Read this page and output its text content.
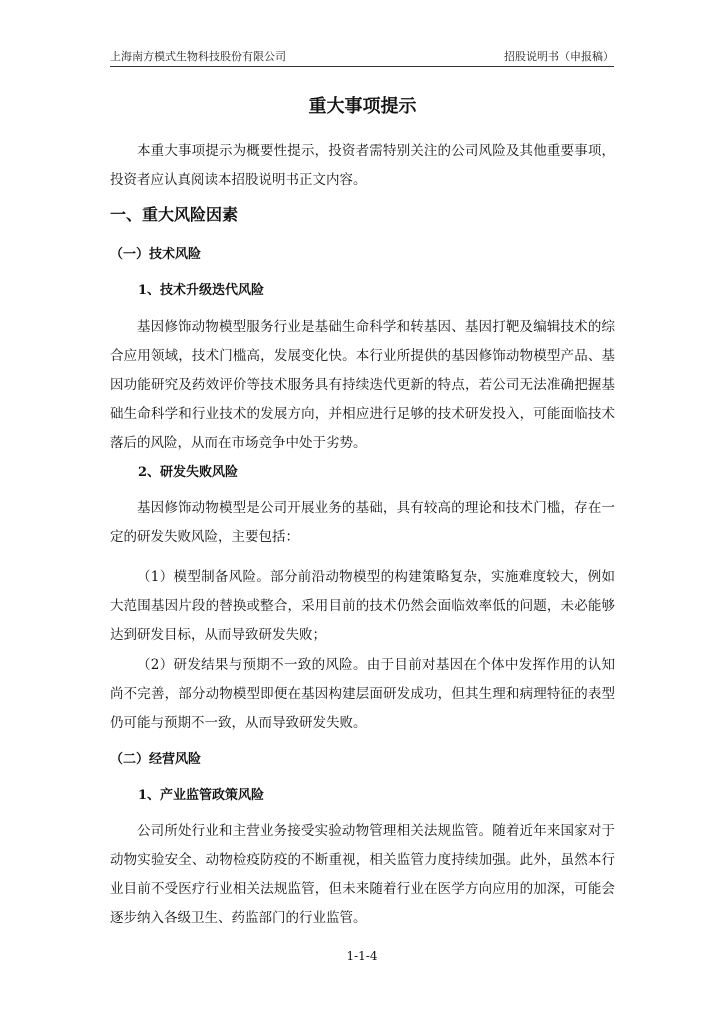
上海南方模式生物科技股份有限公司	招股说明书（申报稿）
重大事项提示

本重大事项提示为概要性提示，投资者需特别关注的公司风险及其他重要事项，投资者应认真阅读本招股说明书正文内容。

一、重大风险因素
（一）技术风险
1、技术升级迭代风险

基因修饰动物模型服务行业是基础生命科学和转基因、基因打靶及编辑技术的综合应用领域，技术门槛高，发展变化快。本行业所提供的基因修饰动物模型产品、基因功能研究及药效评价等技术服务具有持续迭代更新的特点，若公司无法准确把握基础生命科学和行业技术的发展方向，并相应进行足够的技术研发投入，可能面临技术落后的风险，从而在市场竞争中处于劣势。

2、研发失败风险

基因修饰动物模型是公司开展业务的基础，具有较高的理论和技术门槛，存在一定的研发失败风险，主要包括：

（1）模型制备风险。部分前沿动物模型的构建策略复杂，实施难度较大，例如大范围基因片段的替换或整合，采用目前的技术仍然会面临效率低的问题，未必能够达到研发目标，从而导致研发失败；

（2）研发结果与预期不一致的风险。由于目前对基因在个体中发挥作用的认知尚不完善，部分动物模型即便在基因构建层面研发成功，但其生理和病理特征的表型仍可能与预期不一致，从而导致研发失败。

（二）经营风险
1、产业监管政策风险

公司所处行业和主营业务接受实验动物管理相关法规监管。随着近年来国家对于动物实验安全、动物检疫防疫的不断重视，相关监管力度持续加强。此外，虽然本行业目前不受医疗行业相关法规监管，但未来随着行业在医学方向应用的加深，可能会逐步纳入各级卫生、药监部门的行业监管。

1-1-4
